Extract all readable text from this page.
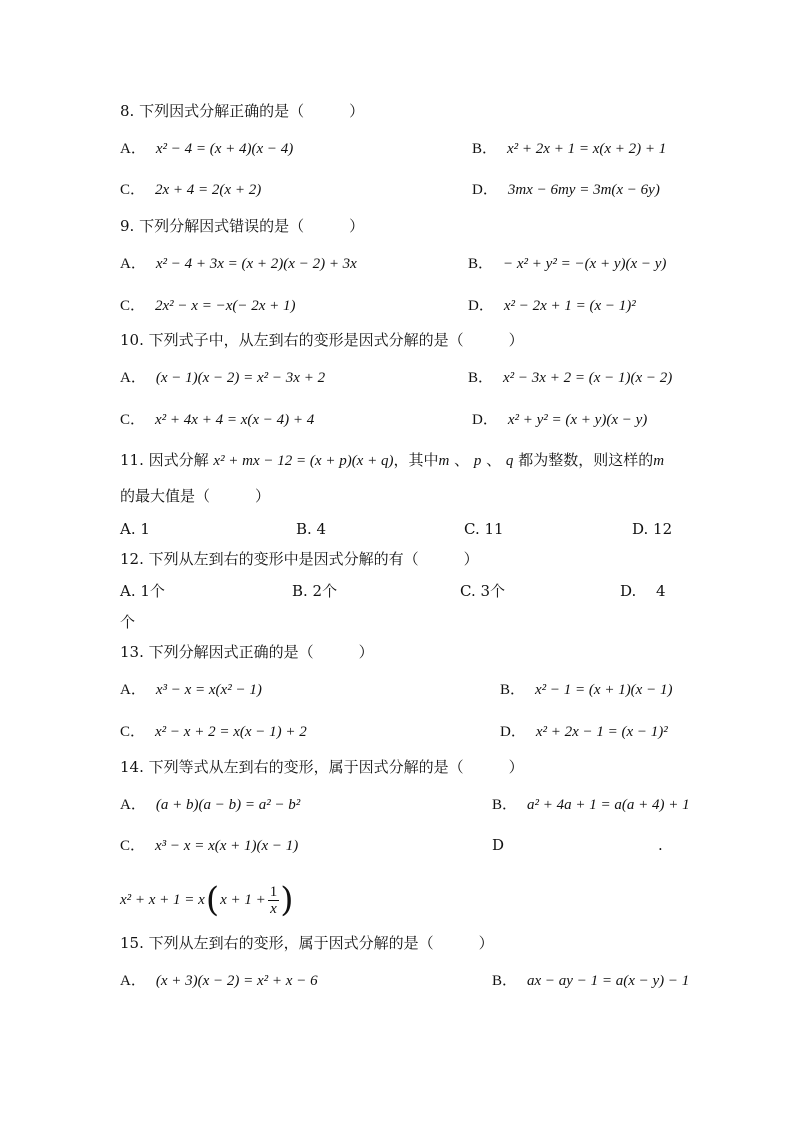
8. 下列因式分解正确的是（　　　）
A． x² − 4 = (x + 4)(x − 4)	B． x² + 2x + 1 = x(x + 2) + 1
C． 2x + 4 = 2(x + 2)	D． 3mx − 6my = 3m(x − 6y)
9. 下列分解因式错误的是（　　　）
A． x² − 4 + 3x = (x + 2)(x − 2) + 3x	B． − x² + y² = −(x + y)(x − y)
C． 2x² − x = −x(− 2x + 1)	D． x² − 2x + 1 = (x − 1)²
10. 下列式子中，从左到右的变形是因式分解的是（　　　）
A． (x − 1)(x − 2) = x² − 3x + 2	B． x² − 3x + 2 = (x − 1)(x − 2)
C． x² + 4x + 4 = x(x − 4) + 4	D． x² + y² = (x + y)(x − y)
11. 因式分解 x² + mx − 12 = (x + p)(x + q)，其中m 、 p 、 q 都为整数，则这样的m
的最大值是（　　　）
A. 1	B. 4	C. 11	D. 12
12. 下列从左到右的变形中是因式分解的有（　　　）
A. 1个	B. 2个	C. 3个	D.　 4
个
13. 下列分解因式正确的是（　　　）
A． x³ − x = x(x² − 1)	B． x² − 1 = (x + 1)(x − 1)
C． x² − x + 2 = x(x − 1) + 2	D． x² + 2x − 1 = (x − 1)²
14. 下列等式从左到右的变形，属于因式分解的是（　　　）
A． (a + b)(a − b) = a² − b²	B． a² + 4a + 1 = a(a + 4) + 1
C． x³ − x = x(x + 1)(x − 1)	D	.
x² + x + 1 = x ( $x + 1 + \frac{1}{x}$ )
15. 下列从左到右的变形，属于因式分解的是（　　　）
A． (x + 3)(x − 2) = x² + x − 6	B． ax − ay − 1 = a(x − y) − 1
